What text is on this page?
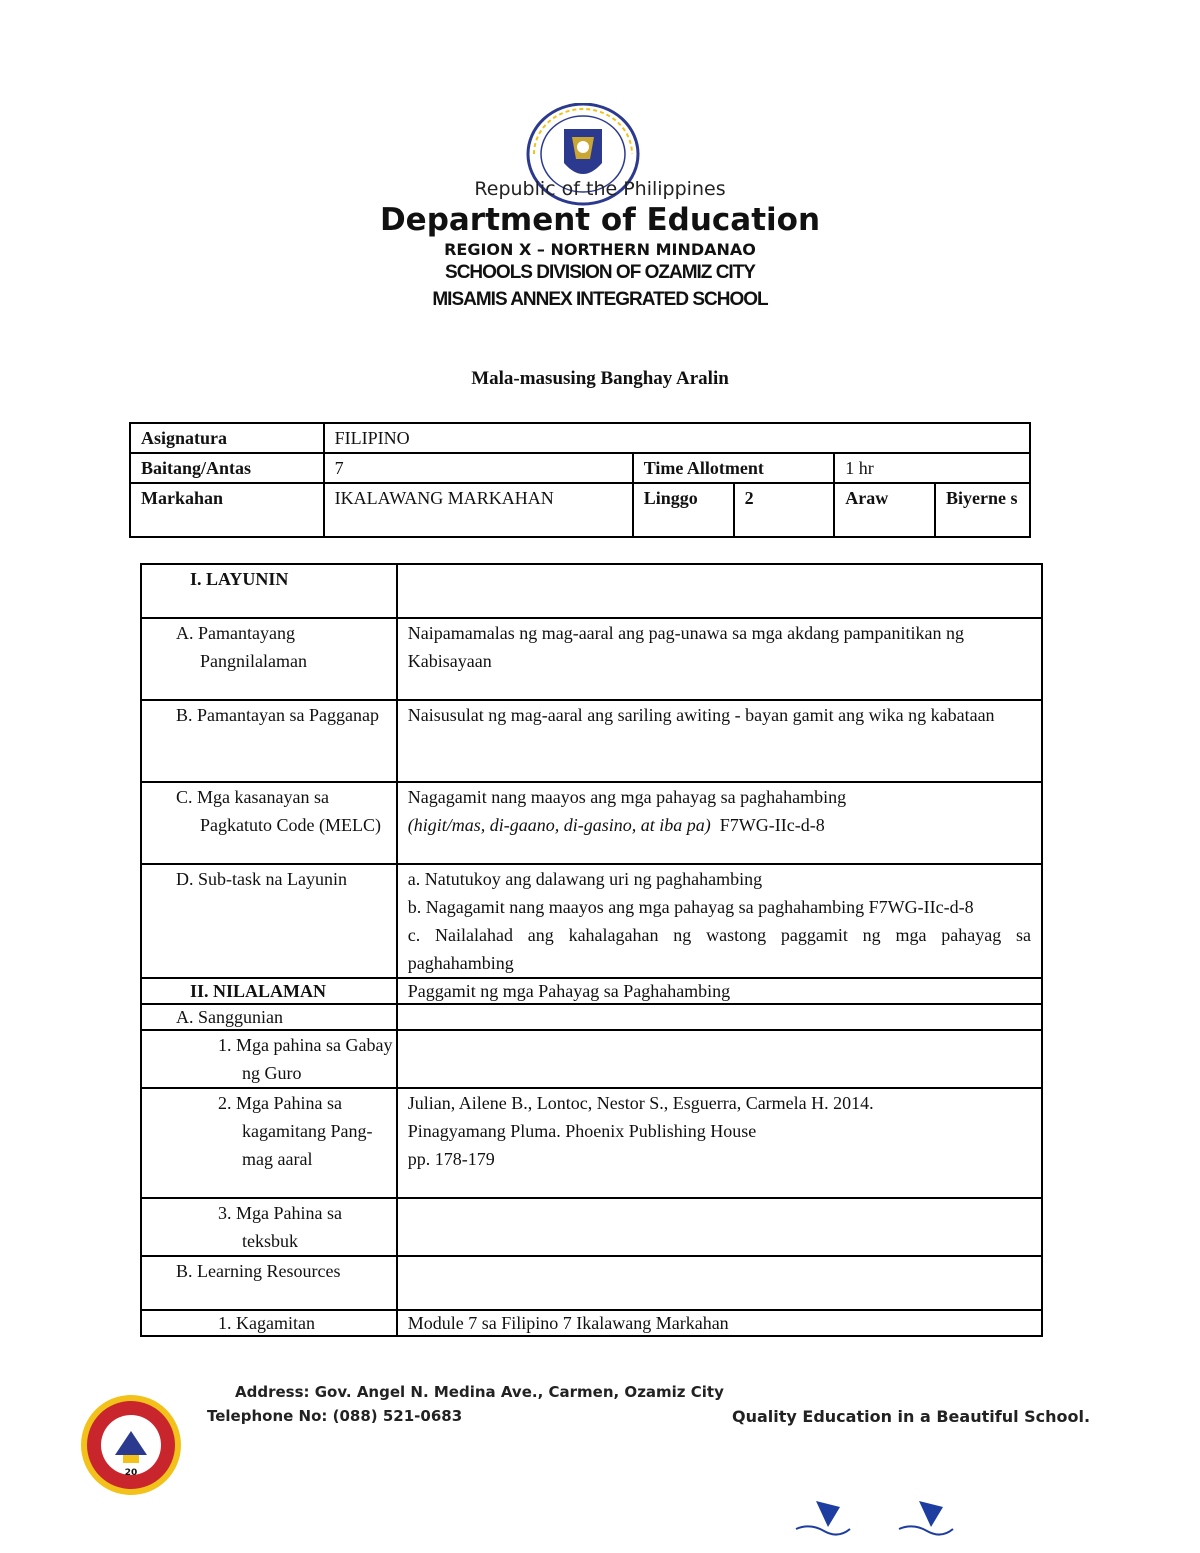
Republic of the Philippines
Department of Education
REGION X – NORTHERN MINDANAO
SCHOOLS DIVISION OF OZAMIZ CITY
MISAMIS ANNEX INTEGRATED SCHOOL
Mala-masusing Banghay Aralin
Asignatura	FILIPINO				
Baitang/Antas	7	Time Allotment		1 hr	
Markahan	IKALAWANG MARKAHAN	Linggo	2	Araw	Biyerne s
I. LAYUNIN	

A. Pamantayang Pangnilalaman	Naipamamalas ng mag-aaral ang pag-unawa sa mga akdang pampanitikan ng Kabisayaan

B. Pamantayan sa Pagganap	Naisusulat ng mag-aaral ang sariling awiting - bayan gamit ang wika ng kabataan

C. Mga kasanayan sa Pagkatuto Code (MELC)	Nagagamit nang maayos ang mga pahayag sa paghahambing
(higit/mas, di-gaano, di-gasino, at iba pa) F7WG-IIc-d-8

D. Sub-task na Layunin	a. Natutukoy ang dalawang uri ng paghahambing
b. Nagagamit nang maayos ang mga pahayag sa paghahambing F7WG-IIc-d-8
c. Nailalahad ang kahalagahan ng wastong paggamit ng mga pahayag sa paghahambing

II. NILALAMAN	Paggamit ng mga Pahayag sa Paghahambing

A. Sanggunian	

1. Mga pahina sa Gabay ng Guro	

2. Mga Pahina sa kagamitang Pang-mag aaral	Julian, Ailene B., Lontoc, Nestor S., Esguerra, Carmela H. 2014.
Pinagyamang Pluma. Phoenix Publishing House
pp. 178-179

3. Mga Pahina sa teksbuk	

B. Learning Resources	

1. Kagamitan	Module 7 sa Filipino 7 Ikalawang Markahan
20
Address: Gov. Angel N. Medina Ave., Carmen, Ozamiz City
Telephone No: (088) 521-0683	Quality Education in a Beautiful School.
